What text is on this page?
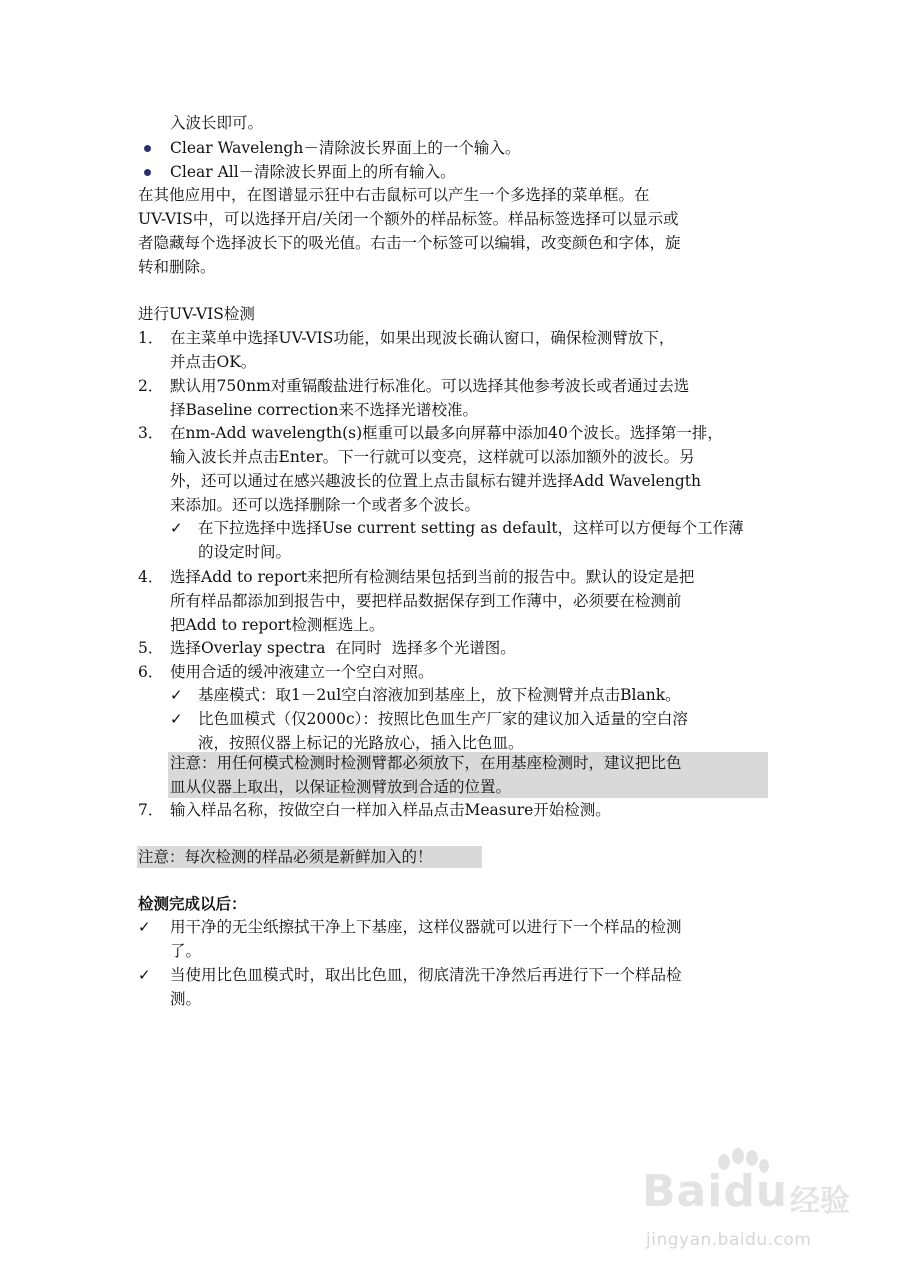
入波长即可。
Clear Wavelengh－清除波长界面上的一个输入。
Clear All－清除波长界面上的所有输入。
在其他应用中，在图谱显示狂中右击鼠标可以产生一个多选择的菜单框。在
UV-VIS中，可以选择开启/关闭一个额外的样品标签。样品标签选择可以显示或
者隐藏每个选择波长下的吸光值。右击一个标签可以编辑，改变颜色和字体，旋
转和删除。
进行UV-VIS检测
1． 在主菜单中选择UV-VIS功能，如果出现波长确认窗口，确保检测臂放下，
并点击OK。
2． 默认用750nm对重镉酸盐进行标准化。可以选择其他参考波长或者通过去选
择Baseline correction来不选择光谱校准。
3． 在nm-Add wavelength(s)框重可以最多向屏幕中添加40个波长。选择第一排，
输入波长并点击Enter。下一行就可以变亮，这样就可以添加额外的波长。另
外，还可以通过在感兴趣波长的位置上点击鼠标右键并选择Add Wavelength
来添加。还可以选择删除一个或者多个波长。
✓ 在下拉选择中选择Use current setting as default，这样可以方便每个工作薄
的设定时间。
4． 选择Add to report来把所有检测结果包括到当前的报告中。默认的设定是把
所有样品都添加到报告中，要把样品数据保存到工作薄中，必须要在检测前
把Add to report检测框选上。
5． 选择Overlay spectra  在同时  选择多个光谱图。
6． 使用合适的缓冲液建立一个空白对照。
✓ 基座模式：取1－2ul空白溶液加到基座上，放下检测臂并点击Blank。
✓ 比色皿模式（仅2000c）：按照比色皿生产厂家的建议加入适量的空白溶
液，按照仪器上标记的光路放心，插入比色皿。
注意：用任何模式检测时检测臂都必须放下，在用基座检测时，建议把比色
皿从仪器上取出，以保证检测臂放到合适的位置。
7． 输入样品名称，按做空白一样加入样品点击Measure开始检测。
注意：每次检测的样品必须是新鲜加入的！
检测完成以后：
✓ 用干净的无尘纸擦拭干净上下基座，这样仪器就可以进行下一个样品的检测
了。
✓ 当使用比色皿模式时，取出比色皿，彻底清洗干净然后再进行下一个样品检
测。
Baidu 经验
jingyan.baidu.com
